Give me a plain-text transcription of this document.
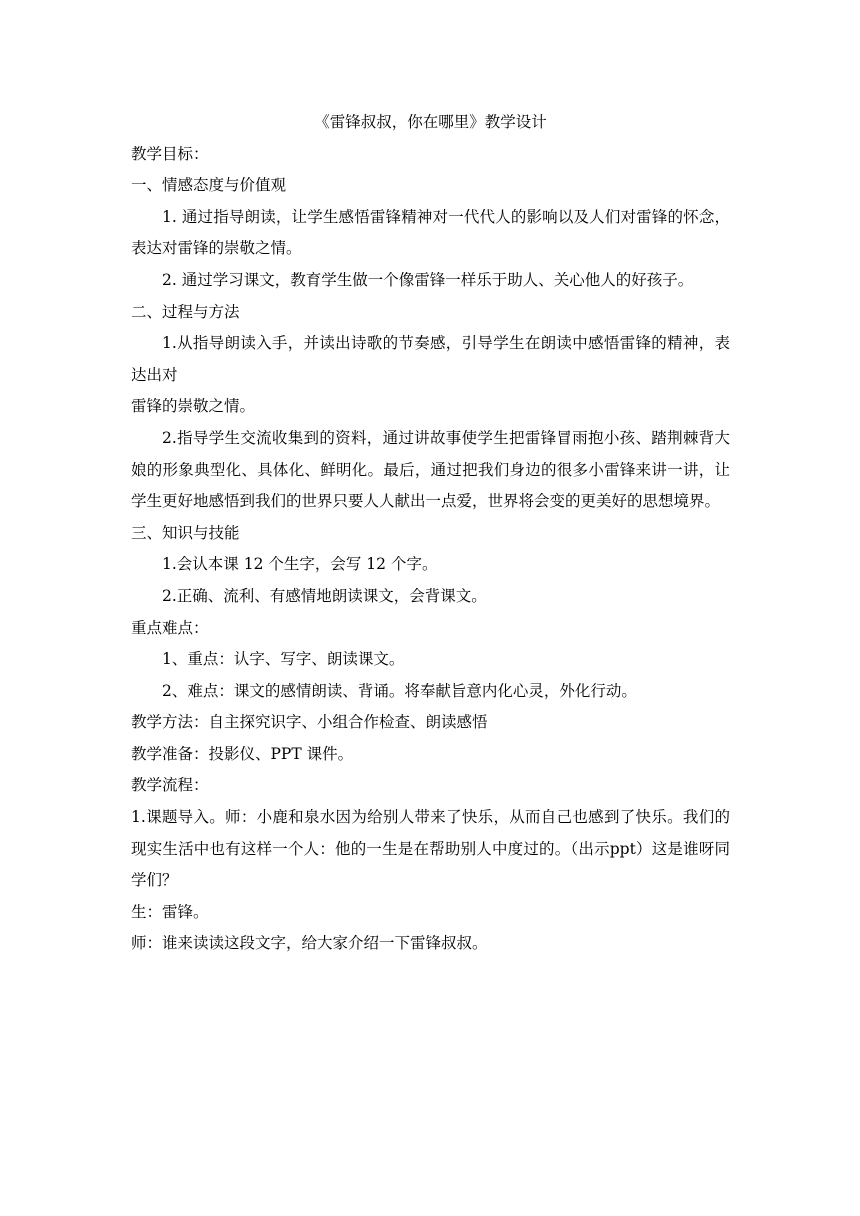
《雷锋叔叔，你在哪里》教学设计

教学目标：

一、情感态度与价值观

1. 通过指导朗读，让学生感悟雷锋精神对一代代人的影响以及人们对雷锋的怀念，表达对雷锋的崇敬之情。

2. 通过学习课文，教育学生做一个像雷锋一样乐于助人、关心他人的好孩子。

二、过程与方法

1.从指导朗读入手，并读出诗歌的节奏感，引导学生在朗读中感悟雷锋的精神，表达出对

雷锋的崇敬之情。

2.指导学生交流收集到的资料，通过讲故事使学生把雷锋冒雨抱小孩、踏荆棘背大娘的形象典型化、具体化、鲜明化。最后，通过把我们身边的很多小雷锋来讲一讲，让学生更好地感悟到我们的世界只要人人献出一点爱，世界将会变的更美好的思想境界。

三、知识与技能

1.会认本课 12 个生字，会写 12 个字。

2.正确、流利、有感情地朗读课文，会背课文。

重点难点：

1、重点：认字、写字、朗读课文。

2、难点：课文的感情朗读、背诵。将奉献旨意内化心灵，外化行动。

教学方法：自主探究识字、小组合作检查、朗读感悟

教学准备：投影仪、PPT 课件。

教学流程：

1.课题导入。师：小鹿和泉水因为给别人带来了快乐，从而自己也感到了快乐。我们的现实生活中也有这样一个人：他的一生是在帮助别人中度过的。（出示ppt）这是谁呀同学们？

生：雷锋。

师：谁来读读这段文字，给大家介绍一下雷锋叔叔。
